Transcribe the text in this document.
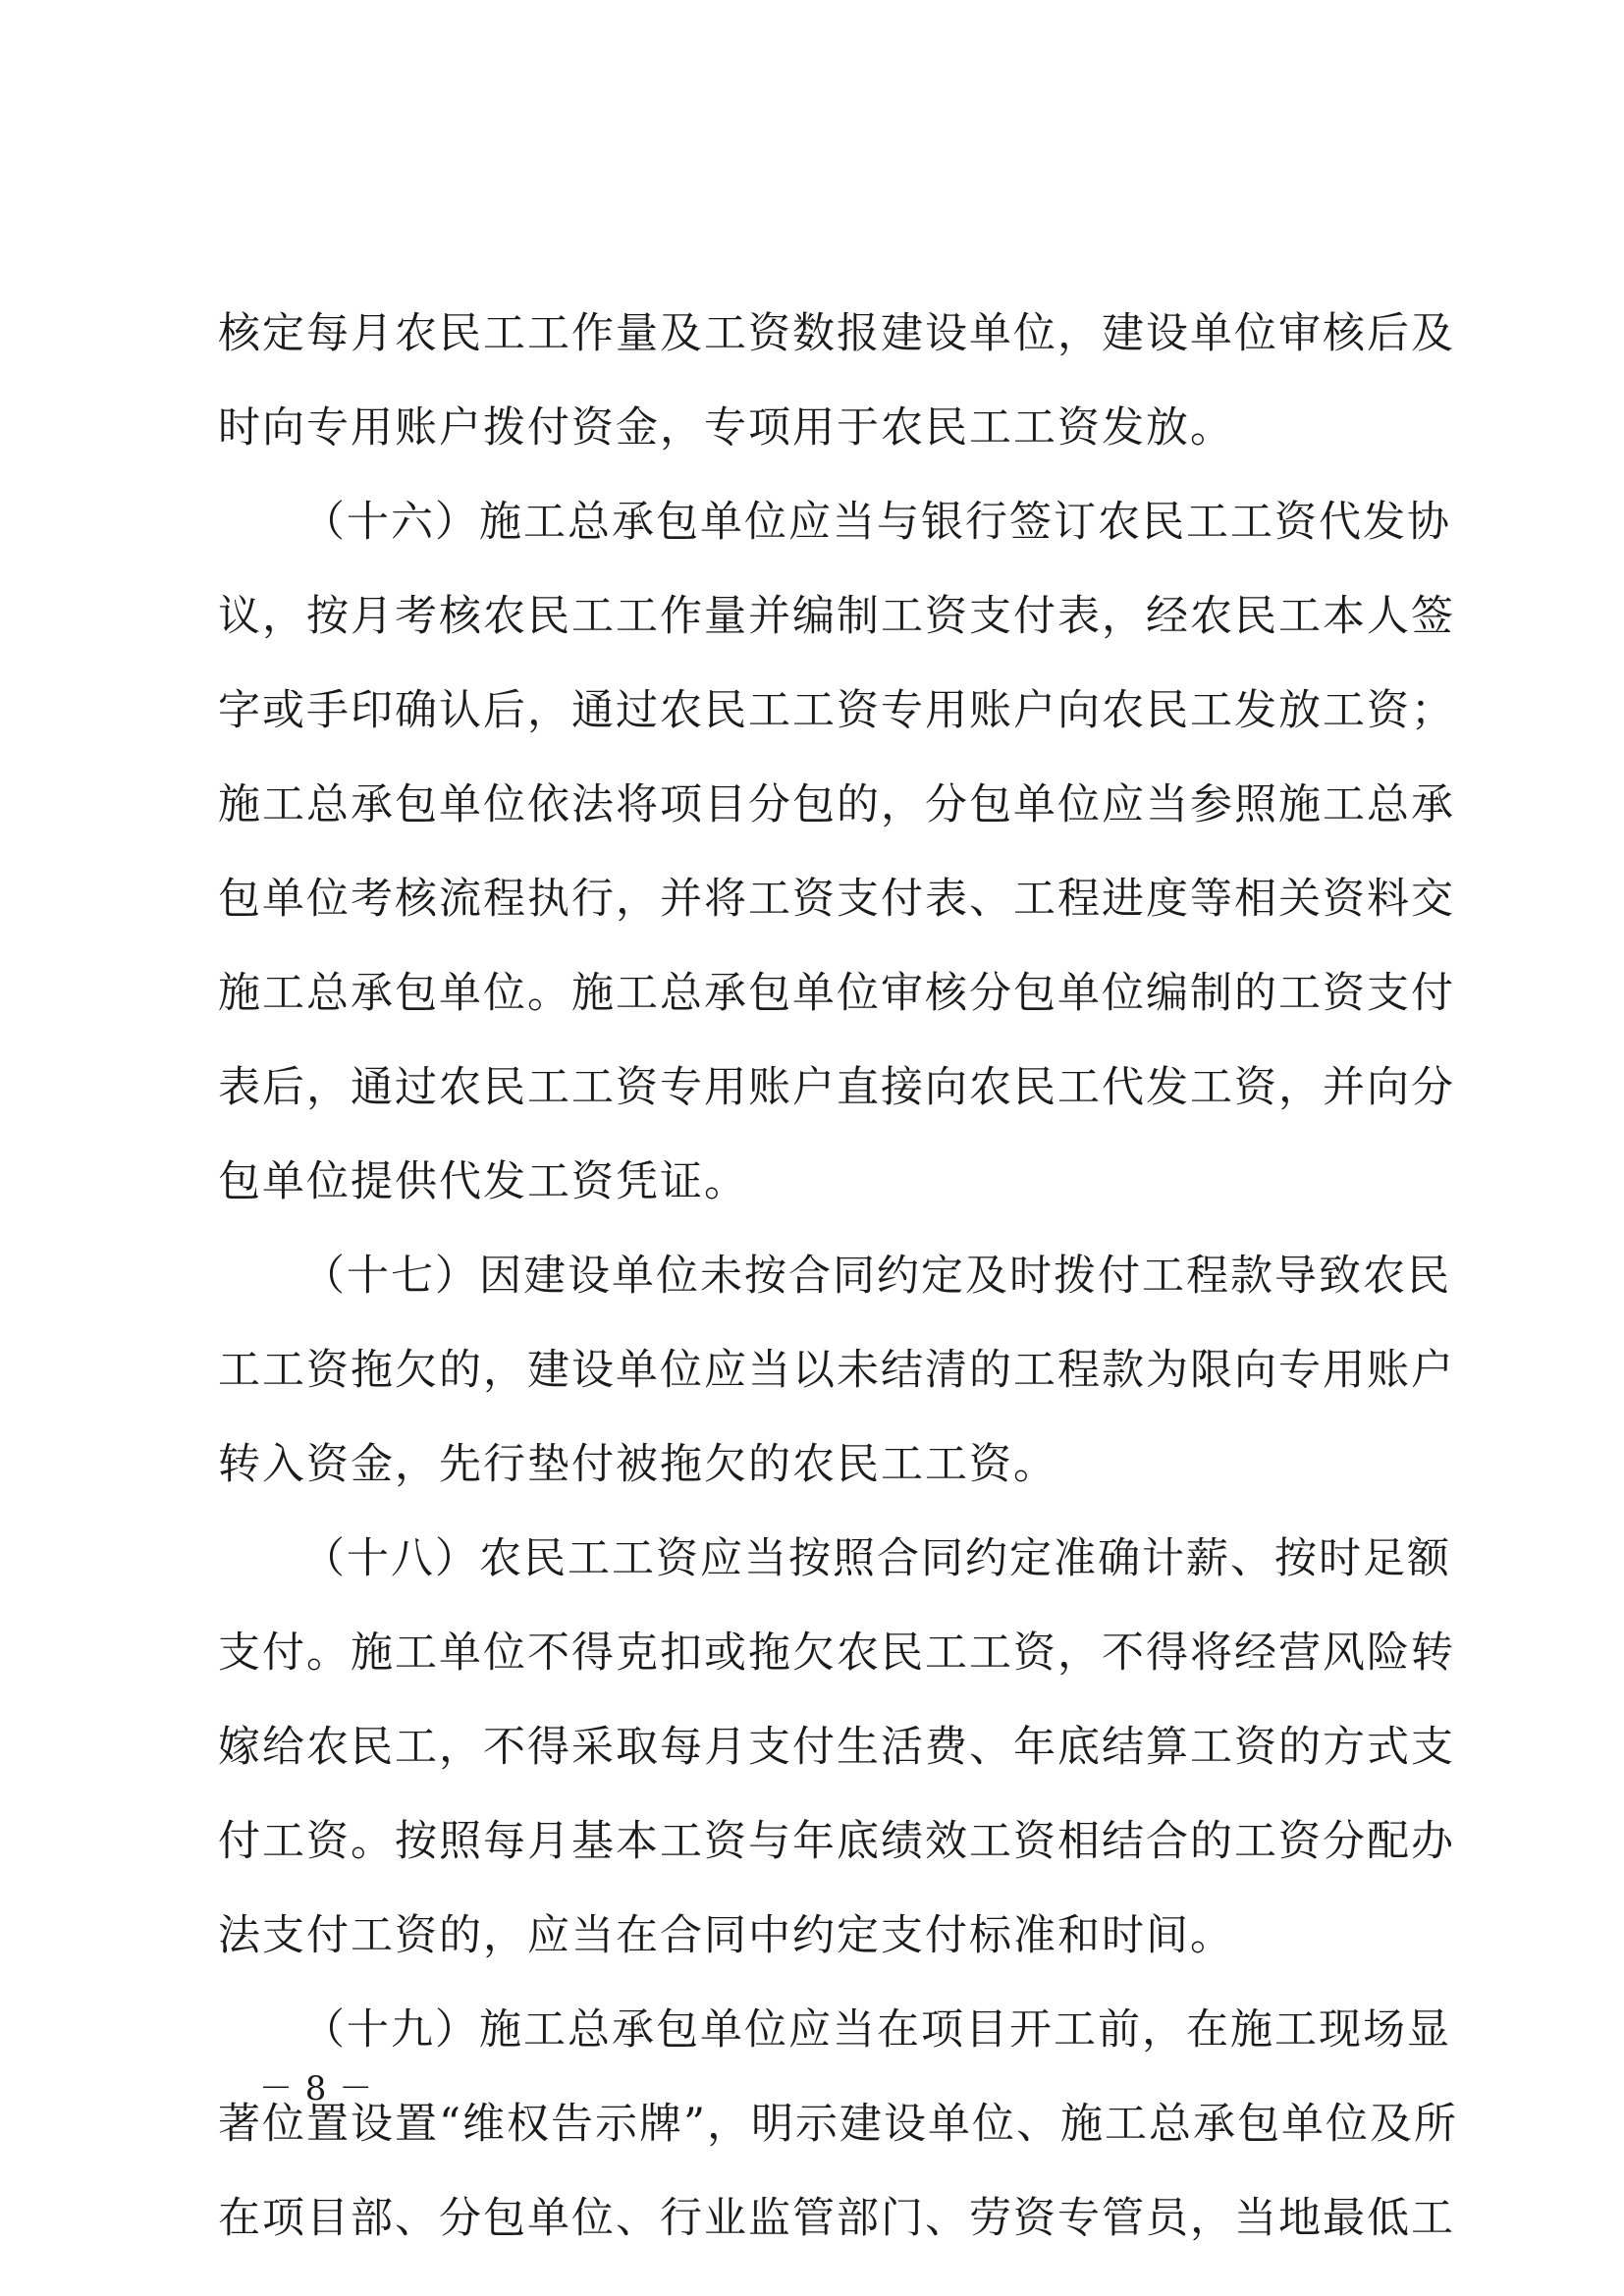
核定每月农民工工作量及工资数报建设单位，建设单位审核后及
时向专用账户拨付资金，专项用于农民工工资发放。
（十六）施工总承包单位应当与银行签订农民工工资代发协
议，按月考核农民工工作量并编制工资支付表，经农民工本人签
字或手印确认后，通过农民工工资专用账户向农民工发放工资；
施工总承包单位依法将项目分包的，分包单位应当参照施工总承
包单位考核流程执行，并将工资支付表、工程进度等相关资料交
施工总承包单位。施工总承包单位审核分包单位编制的工资支付
表后，通过农民工工资专用账户直接向农民工代发工资，并向分
包单位提供代发工资凭证。
（十七）因建设单位未按合同约定及时拨付工程款导致农民
工工资拖欠的，建设单位应当以未结清的工程款为限向专用账户
转入资金，先行垫付被拖欠的农民工工资。
（十八）农民工工资应当按照合同约定准确计薪、按时足额
支付。施工单位不得克扣或拖欠农民工工资，不得将经营风险转
嫁给农民工，不得采取每月支付生活费、年底结算工资的方式支
付工资。按照每月基本工资与年底绩效工资相结合的工资分配办
法支付工资的，应当在合同中约定支付标准和时间。
（十九）施工总承包单位应当在项目开工前，在施工现场显
著位置设置“维权告示牌”，明示建设单位、施工总承包单位及所
在项目部、分包单位、行业监管部门、劳资专管员，当地最低工
－ 8 －
